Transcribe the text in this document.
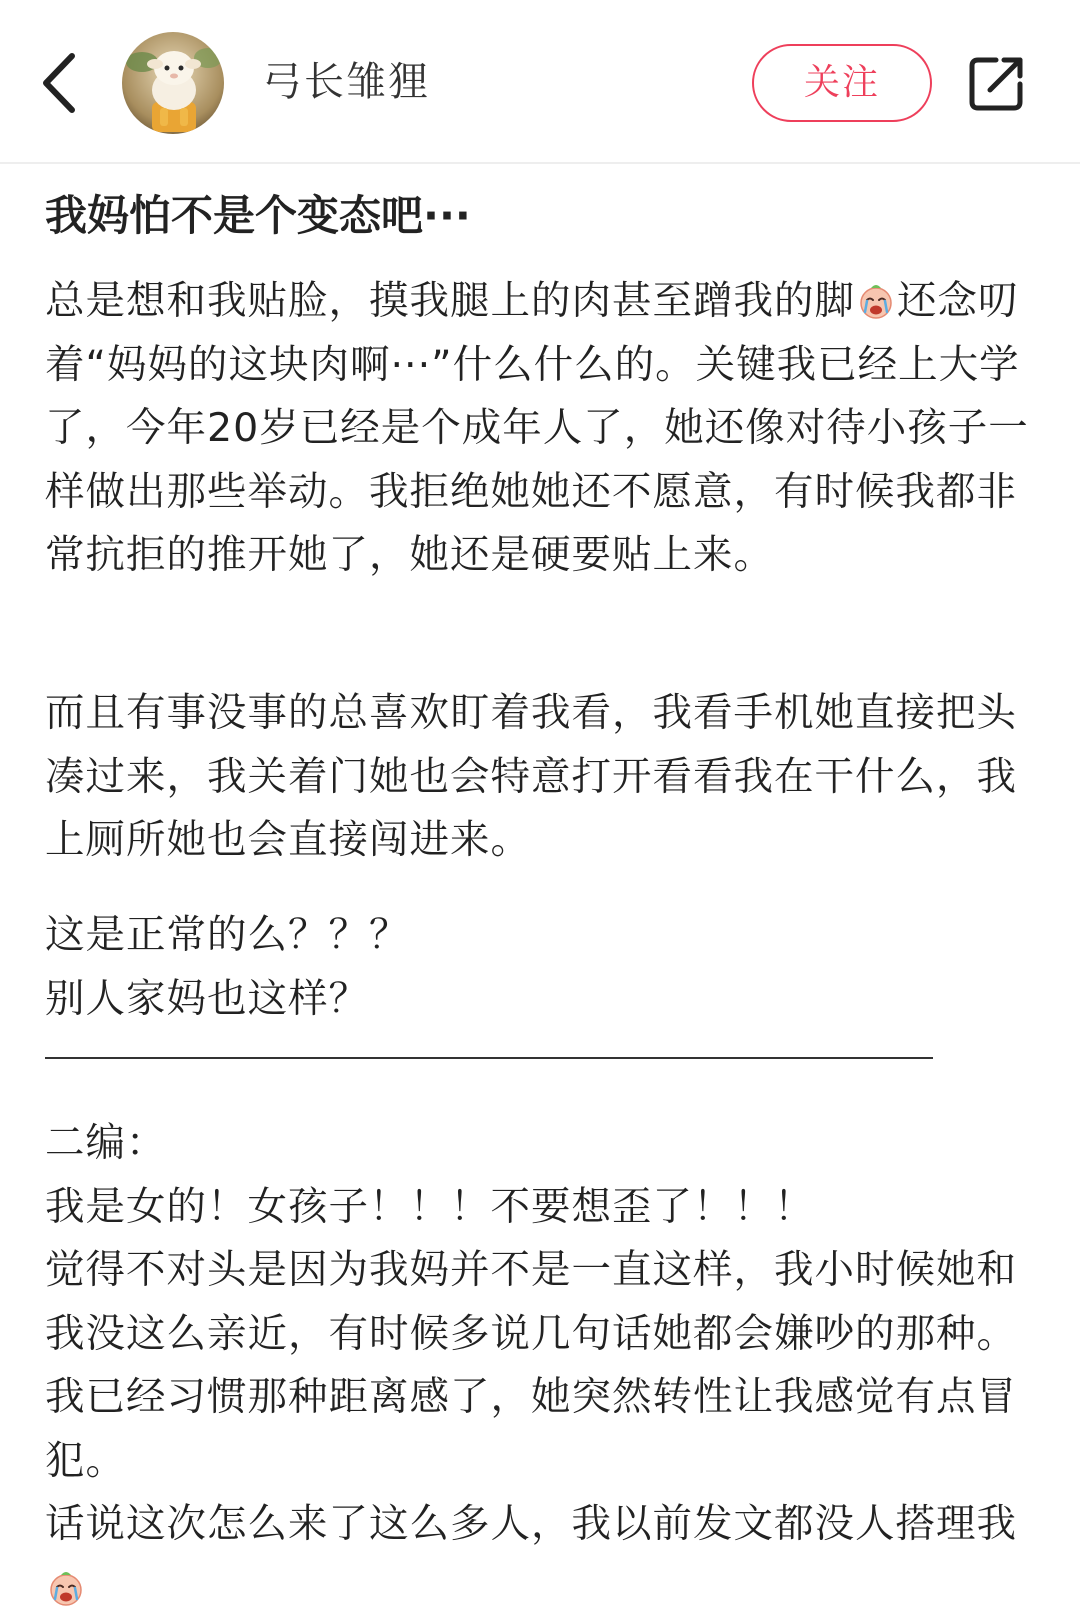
弓长雏狸	关注
我妈怕不是个变态吧···

总是想和我贴脸，摸我腿上的肉甚至蹭我的脚 还念叨着“妈妈的这块肉啊···”什么什么的。关键我已经上大学了，今年20岁已经是个成年人了，她还像对待小孩子一样做出那些举动。我拒绝她她还不愿意，有时候我都非常抗拒的推开她了，她还是硬要贴上来。

而且有事没事的总喜欢盯着我看，我看手机她直接把头凑过来，我关着门她也会特意打开看看我在干什么，我上厕所她也会直接闯进来。

这是正常的么？？？
别人家妈也这样？

二编：
我是女的！女孩子！！！不要想歪了！！！
觉得不对头是因为我妈并不是一直这样，我小时候她和我没这么亲近，有时候多说几句话她都会嫌吵的那种。我已经习惯那种距离感了，她突然转性让我感觉有点冒犯。
话说这次怎么来了这么多人，我以前发文都没人搭理我
